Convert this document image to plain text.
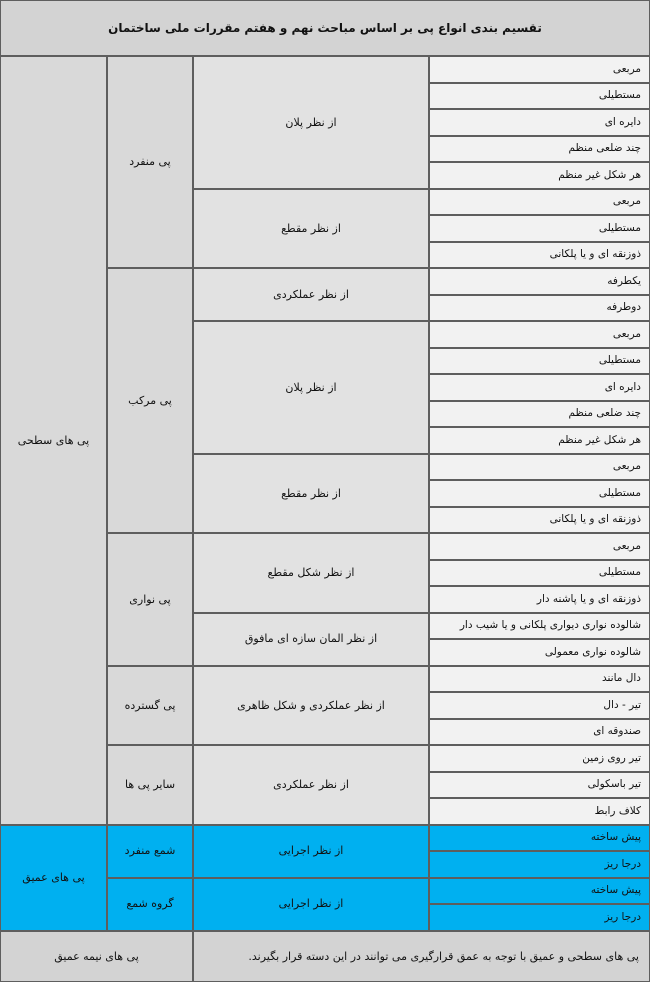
تقسیم بندی انواع پی بر اساس مباحث نهم و هفتم مقررات ملی ساختمان
مربعی
مستطیلی
دایره ای
چند ضلعی منظم
هر شکل غیر منظم
از نظر پلان
مربعی
مستطیلی
ذوزنقه ای و یا پلکانی
از نظر مقطع
پی منفرد
یکطرفه
دوطرفه
از نظر عملکردی
مربعی
مستطیلی
دایره ای
چند ضلعی منظم
هر شکل غیر منظم
از نظر پلان
مربعی
مستطیلی
ذوزنقه ای و یا پلکانی
از نظر مقطع
پی مرکب
مربعی
مستطیلی
ذوزنقه ای و یا پاشنه دار
از نظر شکل مقطع
شالوده نواری دیواری پلکانی و یا شیب دار
شالوده نواری معمولی
از نظر المان سازه ای مافوق
پی نواری
دال مانند
تیر - دال
صندوقه ای
از نظر عملکردی و شکل ظاهری
پی گسترده
تیر روی زمین
تیر باسکولی
کلاف رابط
از نظر عملکردی
سایر پی ها
پی های سطحی
پیش ساخته
درجا ریز
از نظر اجرایی
شمع منفرد
پیش ساخته
درجا ریز
از نظر اجرایی
گروه شمع
پی های عمیق
پی های نیمه عمیق	پی های سطحی و عمیق با توجه به عمق قرارگیری می توانند در این دسته قرار بگیرند.
